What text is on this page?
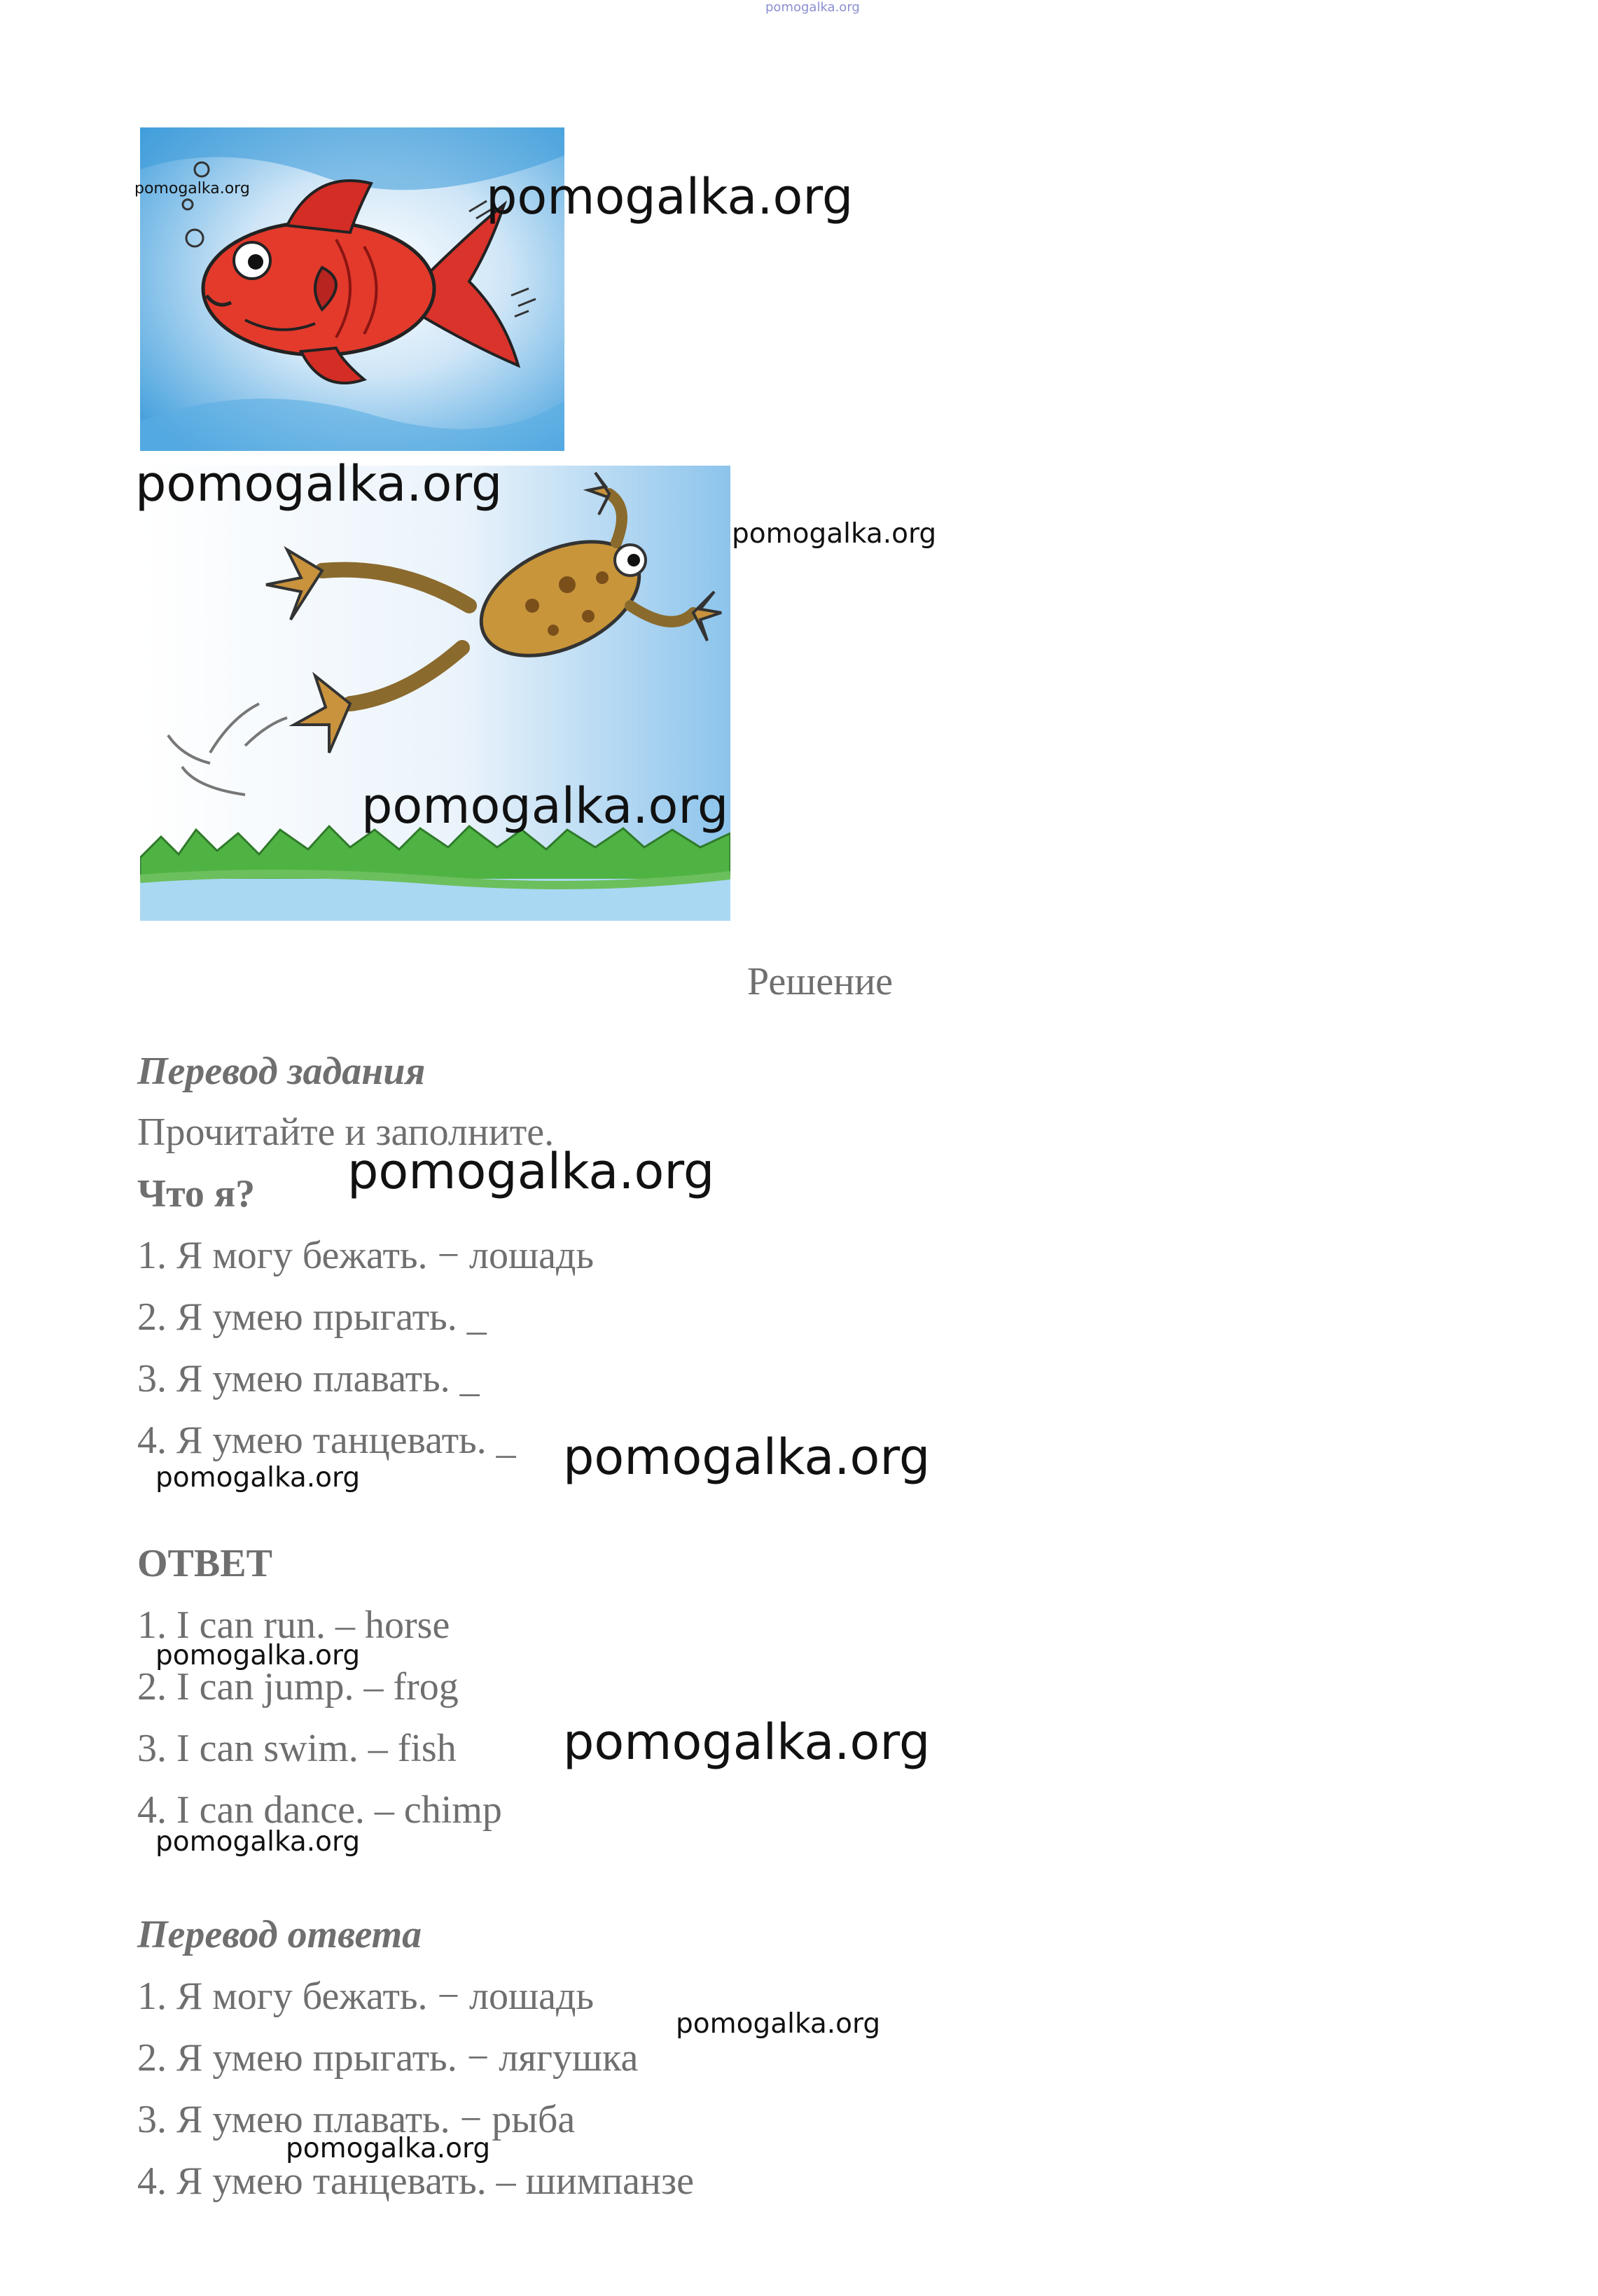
pomogalka.org
pomogalka.org	pomogalka.org
pomogalka.org
pomogalka.org
pomogalka.org
Решение
Перевод задания
Прочитайте и заполните.
Что я?
1. Я могу бежать. − лошадь
2. Я умею прыгать. _
3. Я умею плавать. _
4. Я умею танцевать. _
pomogalka.org
pomogalka.org	pomogalka.org
ОТВЕТ
1. I can run. – horse
2. I can jump. – frog
3. I can swim. – fish
4. I can dance. – chimp
pomogalka.org
pomogalka.org
pomogalka.org
Перевод ответа
1. Я могу бежать. − лошадь
2. Я умею прыгать. − лягушка
3. Я умею плавать. − рыба
4. Я умею танцевать. – шимпанзе
pomogalka.org
pomogalka.org
